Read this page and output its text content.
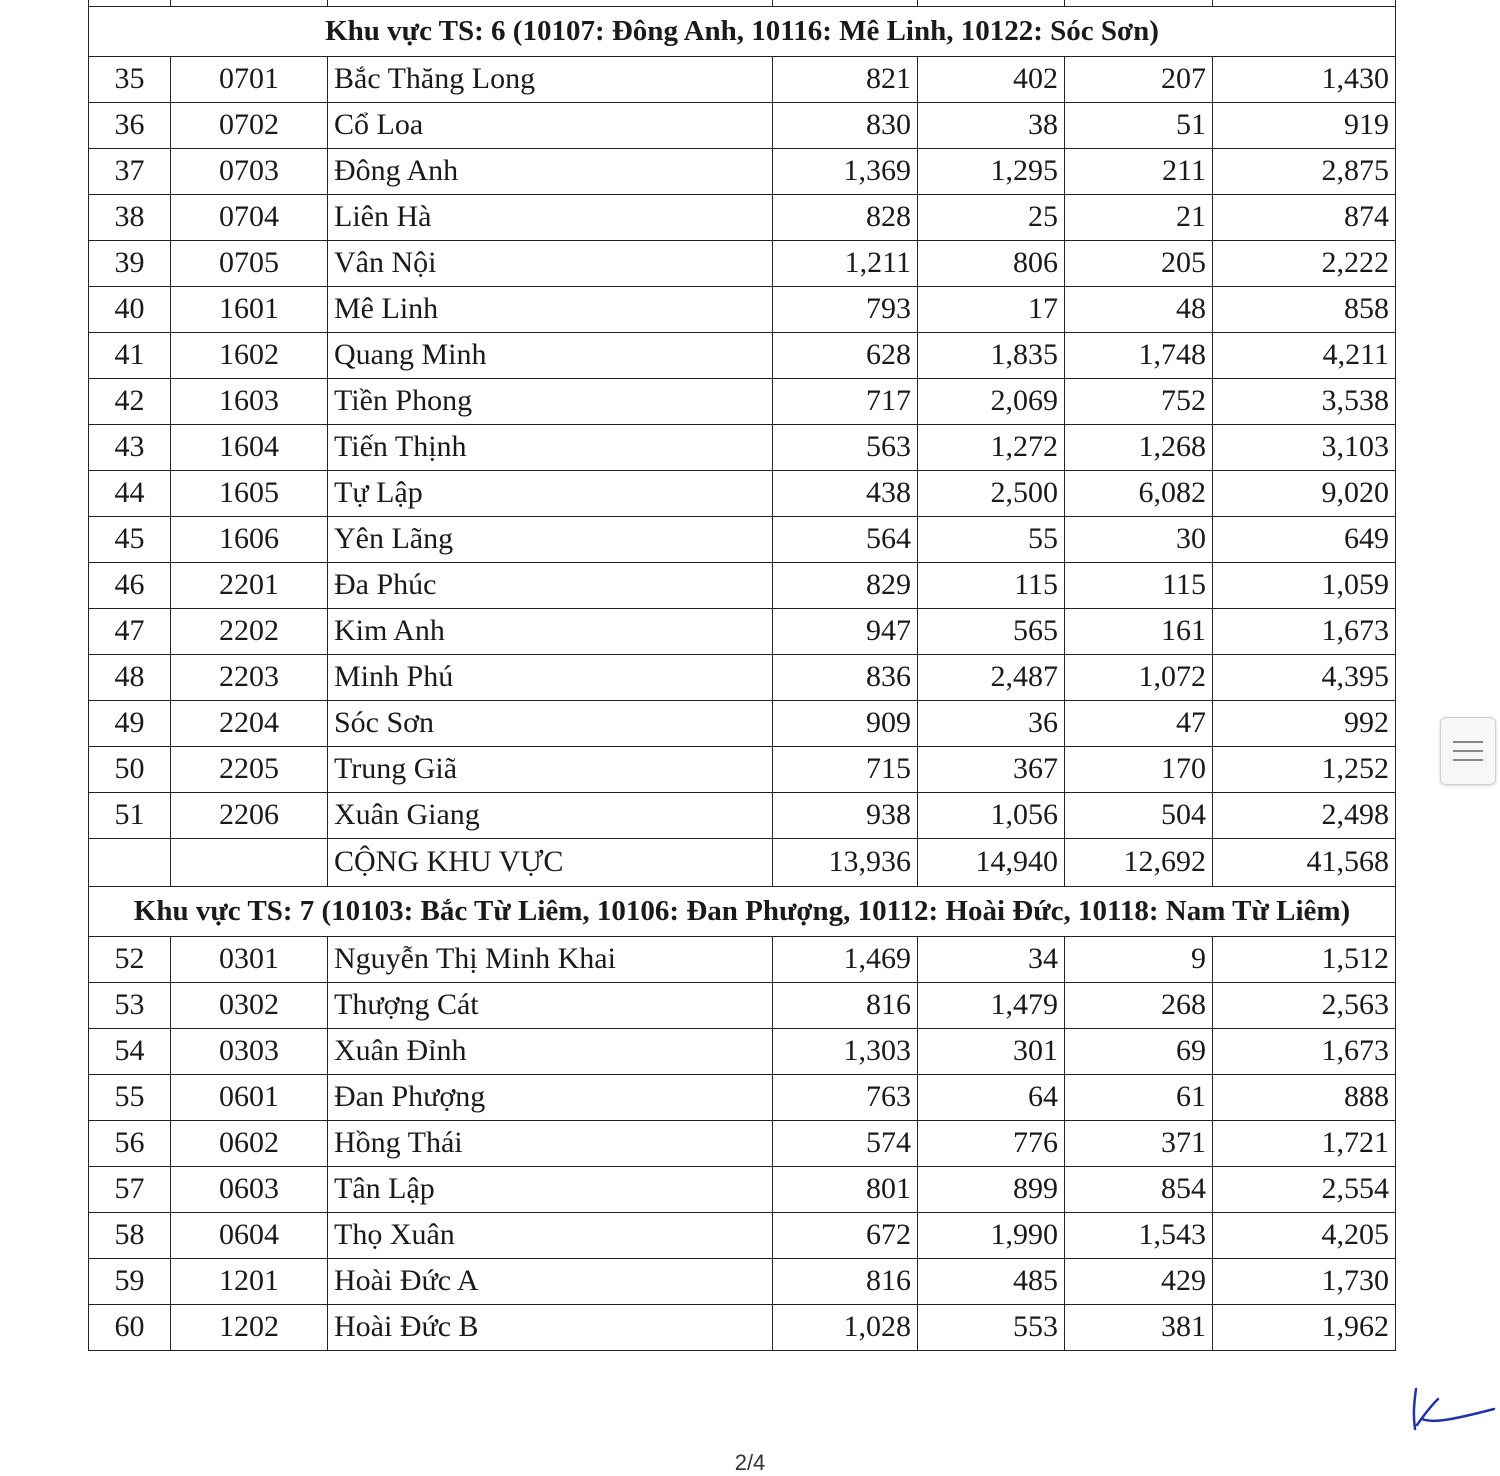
Khu vực TS: 6 (10107: Đông Anh, 10116: Mê Linh, 10122: Sóc Sơn)						
35	0701	Bắc Thăng Long	821	402	207	1,430
36	0702	Cổ Loa	830	38	51	919
37	0703	Đông Anh	1,369	1,295	211	2,875
38	0704	Liên Hà	828	25	21	874
39	0705	Vân Nội	1,211	806	205	2,222
40	1601	Mê Linh	793	17	48	858
41	1602	Quang Minh	628	1,835	1,748	4,211
42	1603	Tiền Phong	717	2,069	752	3,538
43	1604	Tiến Thịnh	563	1,272	1,268	3,103
44	1605	Tự Lập	438	2,500	6,082	9,020
45	1606	Yên Lãng	564	55	30	649
46	2201	Đa Phúc	829	115	115	1,059
47	2202	Kim Anh	947	565	161	1,673
48	2203	Minh Phú	836	2,487	1,072	4,395
49	2204	Sóc Sơn	909	36	47	992
50	2205	Trung Giã	715	367	170	1,252
51	2206	Xuân Giang	938	1,056	504	2,498
		CỘNG KHU VỰC	13,936	14,940	12,692	41,568
Khu vực TS: 7 (10103: Bắc Từ Liêm, 10106: Đan Phượng, 10112: Hoài Đức, 10118: Nam Từ Liêm)						
52	0301	Nguyễn Thị Minh Khai	1,469	34	9	1,512
53	0302	Thượng Cát	816	1,479	268	2,563
54	0303	Xuân Đỉnh	1,303	301	69	1,673
55	0601	Đan Phượng	763	64	61	888
56	0602	Hồng Thái	574	776	371	1,721
57	0603	Tân Lập	801	899	854	2,554
58	0604	Thọ Xuân	672	1,990	1,543	4,205
59	1201	Hoài Đức A	816	485	429	1,730
60	1202	Hoài Đức B	1,028	553	381	1,962
2/4
